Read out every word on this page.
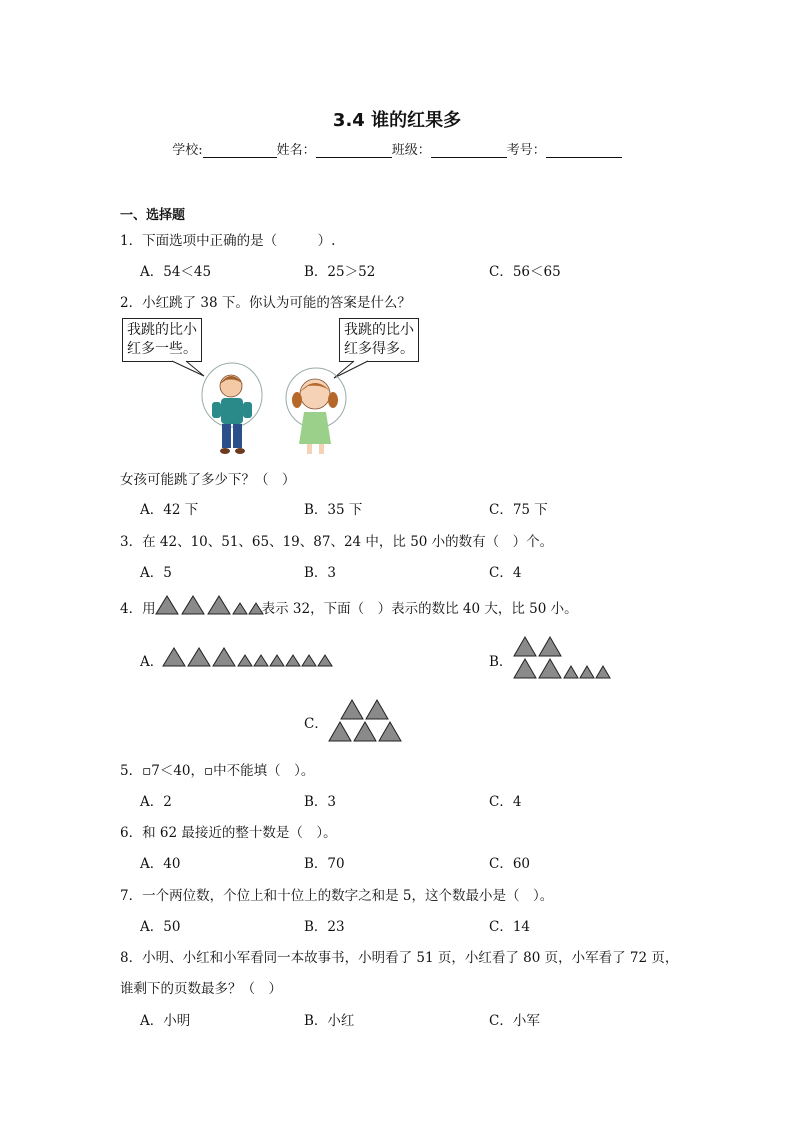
3.4 谁的红果多
学校:	姓名：	班级：	考号：
一、选择题
1．下面选项中正确的是（　　　）.
A．54＜45	B．25＞52	C．56＜65
2．小红跳了 38 下。你认为可能的答案是什么？
我跳的比小
红多一些。
我跳的比小
红多得多。
女孩可能跳了多少下？（　）
A．42 下	B．35 下	C．75 下
3．在 42、10、51、65、19、87、24 中，比 50 小的数有（　）个。
A．5	B．3	C．4
4．用	表示 32，下面（　）表示的数比 40 大，比 50 小。
A．	B．
C．
5．▫7＜40，▫中不能填（　）。
A．2	B．3	C．4
6．和 62 最接近的整十数是（　）。
A．40	B．70	C．60
7．一个两位数，个位上和十位上的数字之和是 5，这个数最小是（　）。
A．50	B．23	C．14
8．小明、小红和小军看同一本故事书，小明看了 51 页，小红看了 80 页，小军看了 72 页，
谁剩下的页数最多？（　）
A．小明	B．小红	C．小军
